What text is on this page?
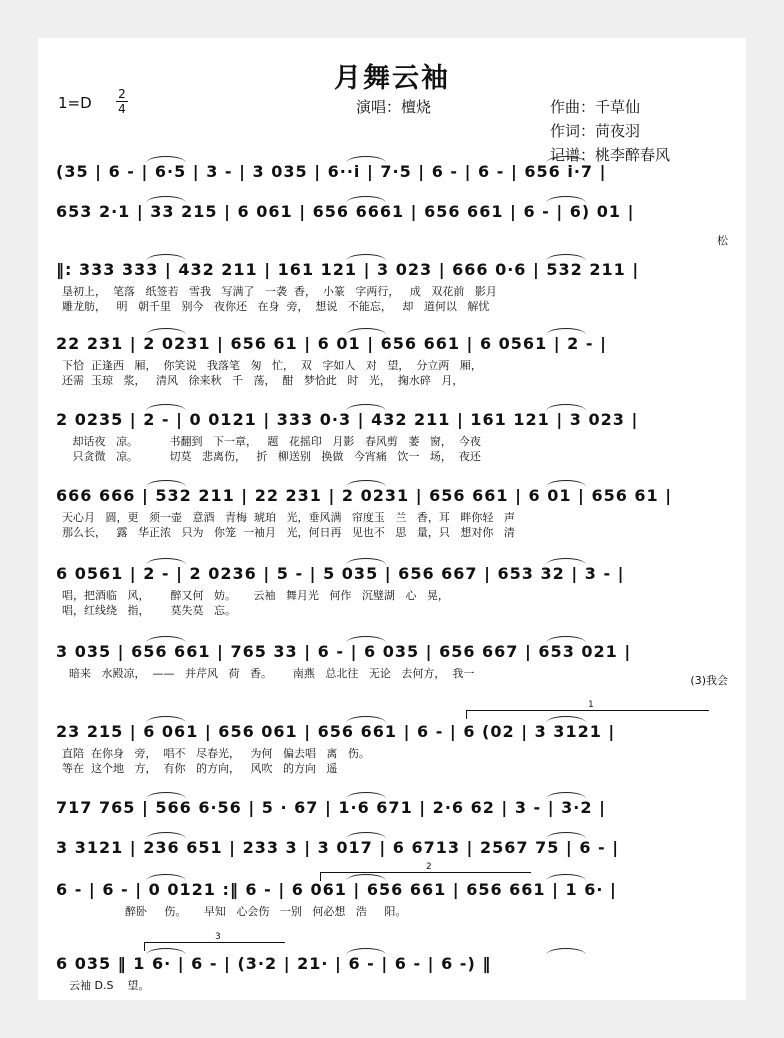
月舞云袖
1=D 2
4	演唱：檀烧	作曲：千草仙
作词：苘夜羽
记谱：桃李醉春风
(35 | 6 - | 6·5 | 3 - | 3 035 | 6··i | 7·5 | 6 - | 6 - | 656 i·7 |
653 2·1 | 33 215 | 6 061 | 656 6661 | 656 661 | 6 - | 6) 01 |
松
‖: 333 333 | 432 211 | 161 121 | 3 023 | 666 0·6 | 532 211 |
垦初上，  笔落   纸签若   雪我   写满了   一袭  香，  小篆   字两行，   成   双花前   影月
雕龙舫，   明   朝千里   别今   夜你还   在身  旁，  想说   不能忘，   却   道何以   解忧
22 231 | 2 0231 | 656 61 | 6 01 | 656 661 | 6 0561 | 2 - |
下恰  正逢西   厢，  你笑说   我落笔   匆   忙，  双   字如人   对   望，  分立两   厢，
还需  玉琼   浆，   清风   徐来秋   千   荡，  酣   梦恰此   时   光，  掬水碎   月，
2 0235 | 2 - | 0 0121 | 333 0·3 | 432 211 | 161 121 | 3 023 |
却话夜   凉。         书翻到   下一章，   题   花摇印   月影   春风剪   萎   窗，  今夜
只贪微   凉。         切莫   悲离伤，   折   柳送别   换做   今宵痛   饮一   场，  夜还
666 666 | 532 211 | 22 231 | 2 0231 | 656 661 | 6 01 | 656 61 |
天心月   圆，更   须一壶   意酒   青梅  琥珀   光，垂风满   帘度玉   兰   香，耳   畔你轻   声
那么长，   露   华正浓   只为   你笼  一袖月   光，何日再   见也不   思   量，只   想对你   清
6 0561 | 2 - | 2 0236 | 5 - | 5 035 | 656 667 | 653 32 | 3 - |
唱，把酒临   风，      醉又何   妨。     云袖   舞月光   何作   沉璧湖   心   晃，
唱，红线绕   指，      莫失莫   忘。
3 035 | 656 661 | 765 33 | 6 - | 6 035 | 656 667 | 653 021 |
暗来   水殿凉，  ——   并芹风   荷   香。      南燕   总北往   无论   去何方，  我一
(3)我会
23 215 | 6 061 | 656 061 | 656 661 | 6 - | 6 (02 | 3 3121 |
直陪  在你身   旁，  唱不   尽春光，   为何   偏去唱   离   伤。
等在  这个地   方，  有你   的方向，   风吹   的方向   遥
717 765 | 566 6·56 | 5 · 67 | 1·6 671 | 2·6 62 | 3 - | 3·2 |
3 3121 | 236 651 | 233 3 | 3 017 | 6 6713 | 2567 75 | 6 - |
6 - | 6 - | 0 0121 :‖ 6 - | 6 061 | 656 661 | 656 661 | 1 6· |
醉卧     伤。     早知   心会伤   一别   何必想   浩     阳。
6 035 ‖ 1 6· | 6 - | (3·2 | 21· | 6 - | 6 - | 6 -) ‖
云袖 D.S    望。
1
2
3
